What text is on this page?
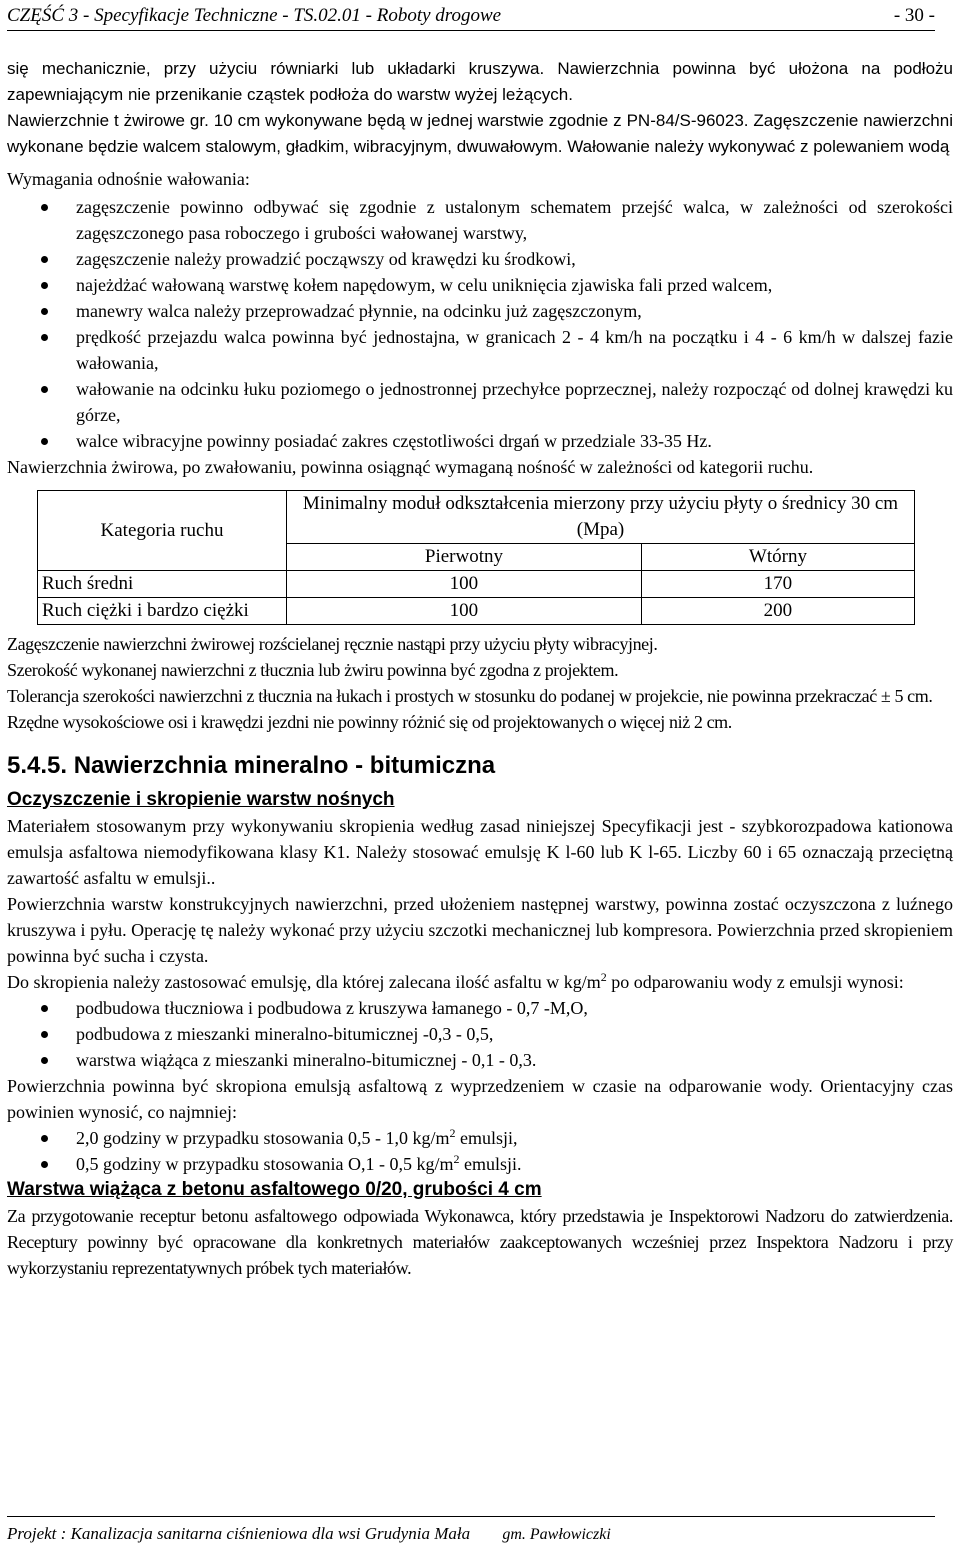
CZĘŚĆ 3 - Specyfikacje Techniczne - TS.02.01 - Roboty drogowe	- 30 -

się mechanicznie, przy użyciu równiarki lub układarki kruszywa. Nawierzchnia powinna być ułożona na podłożu zapewniającym nie przenikanie cząstek podłoża do warstw wyżej leżących.

Nawierzchnie t żwirowe gr. 10 cm wykonywane będą w jednej warstwie zgodnie z PN-84/S-96023. Zagęszczenie nawierzchni wykonane będzie walcem stalowym, gładkim, wibracyjnym, dwuwałowym. Wałowanie należy wykonywać z polewaniem wodą

Wymagania odnośnie wałowania:

zagęszczenie powinno odbywać się zgodnie z ustalonym schematem przejść walca, w zależności od szerokości zagęszczonego pasa roboczego i grubości wałowanej warstwy,
zagęszczenie należy prowadzić począwszy od krawędzi ku środkowi,
najeżdżać wałowaną warstwę kołem napędowym, w celu uniknięcia zjawiska fali przed walcem,
manewry walca należy przeprowadzać płynnie, na odcinku już zagęszczonym,
prędkość przejazdu walca powinna być jednostajna, w granicach 2 - 4 km/h na początku i 4 - 6 km/h w dalszej fazie wałowania,
wałowanie na odcinku łuku poziomego o jednostronnej przechyłce poprzecznej, należy rozpocząć od dolnej krawędzi ku górze,
walce wibracyjne powinny posiadać zakres częstotliwości drgań w przedziale 33-35 Hz.

Nawierzchnia żwirowa, po zwałowaniu, powinna osiągnąć wymaganą nośność w zależności od kategorii ruchu.

Kategoria ruchu	Minimalny moduł odkształcenia mierzony przy użyciu płyty o średnicy 30 cm (Mpa)	
	Pierwotny	Wtórny
Ruch średni	100	170
Ruch ciężki i bardzo ciężki	100	200

Zagęszczenie nawierzchni żwirowej rozścielanej ręcznie nastąpi przy użyciu płyty wibracyjnej.

Szerokość wykonanej nawierzchni z tłucznia lub żwiru powinna być zgodna z projektem.

Tolerancja szerokości nawierzchni z tłucznia na łukach i prostych w stosunku do podanej w projekcie, nie powinna przekraczać ± 5 cm.

Rzędne wysokościowe osi i krawędzi jezdni nie powinny różnić się od projektowanych o więcej niż 2 cm.

5.4.5. Nawierzchnia mineralno - bitumiczna
Oczyszczenie i skropienie warstw nośnych

Materiałem stosowanym przy wykonywaniu skropienia według zasad niniejszej Specyfikacji jest - szybkorozpadowa kationowa emulsja asfaltowa niemodyfikowana klasy K1. Należy stosować emulsję K l-60 lub K l-65. Liczby 60 i 65 oznaczają przeciętną zawartość asfaltu w emulsji..

Powierzchnia warstw konstrukcyjnych nawierzchni, przed ułożeniem następnej warstwy, powinna zostać oczyszczona z luźnego kruszywa i pyłu. Operację tę należy wykonać przy użyciu szczotki mechanicznej lub kompresora. Powierzchnia przed skropieniem powinna być sucha i czysta.

Do skropienia należy zastosować emulsję, dla której zalecana ilość asfaltu w $kg/m^2$ po odparowaniu wody z emulsji wynosi:

podbudowa tłuczniowa i podbudowa z kruszywa łamanego - 0,7 -M,O,
podbudowa z mieszanki mineralno-bitumicznej -0,3 - 0,5,
warstwa wiążąca z mieszanki mineralno-bitumicznej - 0,1 - 0,3.

Powierzchnia powinna być skropiona emulsją asfaltową z wyprzedzeniem w czasie na odparowanie wody. Orientacyjny czas powinien wynosić, co najmniej:

2,0 godziny w przypadku stosowania 0,5 - 1,0 $kg/m^2$ emulsji,
0,5 godziny w przypadku stosowania O,1 - 0,5 $kg/m^2$ emulsji.
Warstwa wiążąca z betonu asfaltowego 0/20, grubości 4 cm

Za przygotowanie receptur betonu asfaltowego odpowiada Wykonawca, który przedstawia je Inspektorowi Nadzoru do zatwierdzenia. Receptury powinny być opracowane dla konkretnych materiałów zaakceptowanych wcześniej przez Inspektora Nadzoru i przy wykorzystaniu reprezentatywnych próbek tych materiałów.

Projekt : Kanalizacja sanitarna ciśnieniowa dla wsi Grudynia Mała gm. Pawłowiczki
